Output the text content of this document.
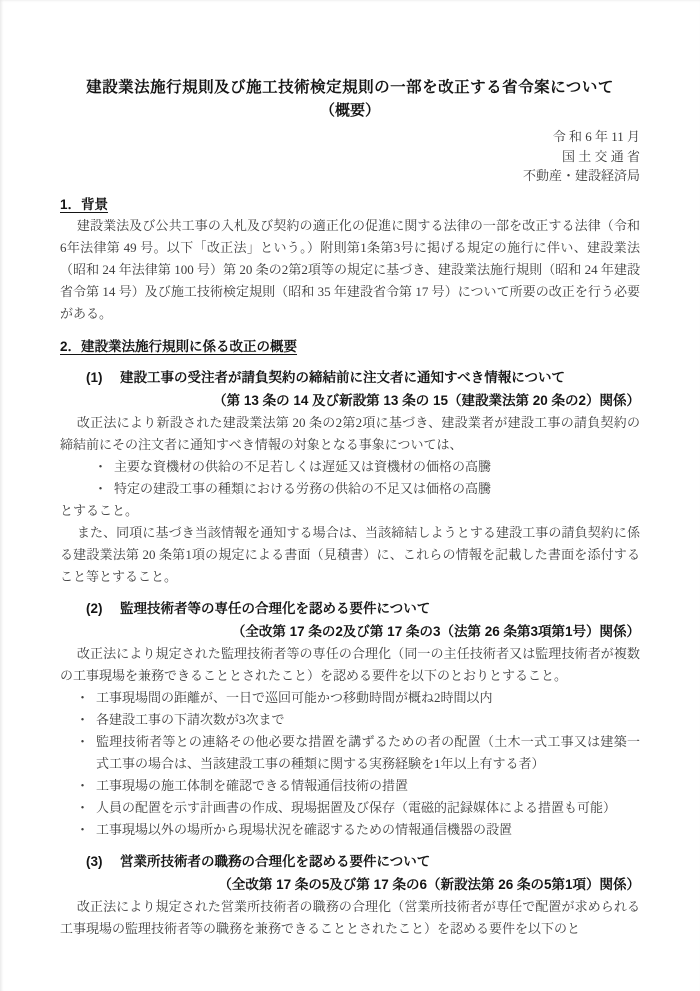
建設業法施行規則及び施工技術検定規則の一部を改正する省令案について
（概要）
令 和 6 年 11 月
国 土 交 通 省
不動産・建設経済局
1．背景
建設業法及び公共工事の入札及び契約の適正化の促進に関する法律の一部を改正する法律（令和6年法律第 49 号。以下「改正法」という。）附則第1条第3号に掲げる規定の施行に伴い、建設業法（昭和 24 年法律第 100 号）第 20 条の2第2項等の規定に基づき、建設業法施行規則（昭和 24 年建設省令第 14 号）及び施工技術検定規則（昭和 35 年建設省令第 17 号）について所要の改正を行う必要がある。
2．建設業法施行規則に係る改正の概要
(1)	建設工事の受注者が請負契約の締結前に注文者に通知すべき情報について
（第 13 条の 14 及び新設第 13 条の 15（建設業法第 20 条の2）関係）
改正法により新設された建設業法第 20 条の2第2項に基づき、建設業者が建設工事の請負契約の締結前にその注文者に通知すべき情報の対象となる事象については、
・ 主要な資機材の供給の不足若しくは遅延又は資機材の価格の高騰
・ 特定の建設工事の種類における労務の供給の不足又は価格の高騰
とすること。
また、同項に基づき当該情報を通知する場合は、当該締結しようとする建設工事の請負契約に係る建設業法第 20 条第1項の規定による書面（見積書）に、これらの情報を記載した書面を添付すること等とすること。
(2)	監理技術者等の専任の合理化を認める要件について
（全改第 17 条の2及び第 17 条の3（法第 26 条第3項第1号）関係）
改正法により規定された監理技術者等の専任の合理化（同一の主任技術者又は監理技術者が複数の工事現場を兼務できることとされたこと）を認める要件を以下のとおりとすること。
・ 工事現場間の距離が、一日で巡回可能かつ移動時間が概ね2時間以内
・ 各建設工事の下請次数が3次まで
・ 監理技術者等との連絡その他必要な措置を講ずるための者の配置（土木一式工事又は建築一式工事の場合は、当該建設工事の種類に関する実務経験を1年以上有する者）
・ 工事現場の施工体制を確認できる情報通信技術の措置
・ 人員の配置を示す計画書の作成、現場据置及び保存（電磁的記録媒体による措置も可能）
・ 工事現場以外の場所から現場状況を確認するための情報通信機器の設置
(3)	営業所技術者の職務の合理化を認める要件について
（全改第 17 条の5及び第 17 条の6（新設法第 26 条の5第1項）関係）
改正法により規定された営業所技術者の職務の合理化（営業所技術者が専任で配置が求められる工事現場の監理技術者等の職務を兼務できることとされたこと）を認める要件を以下のと
